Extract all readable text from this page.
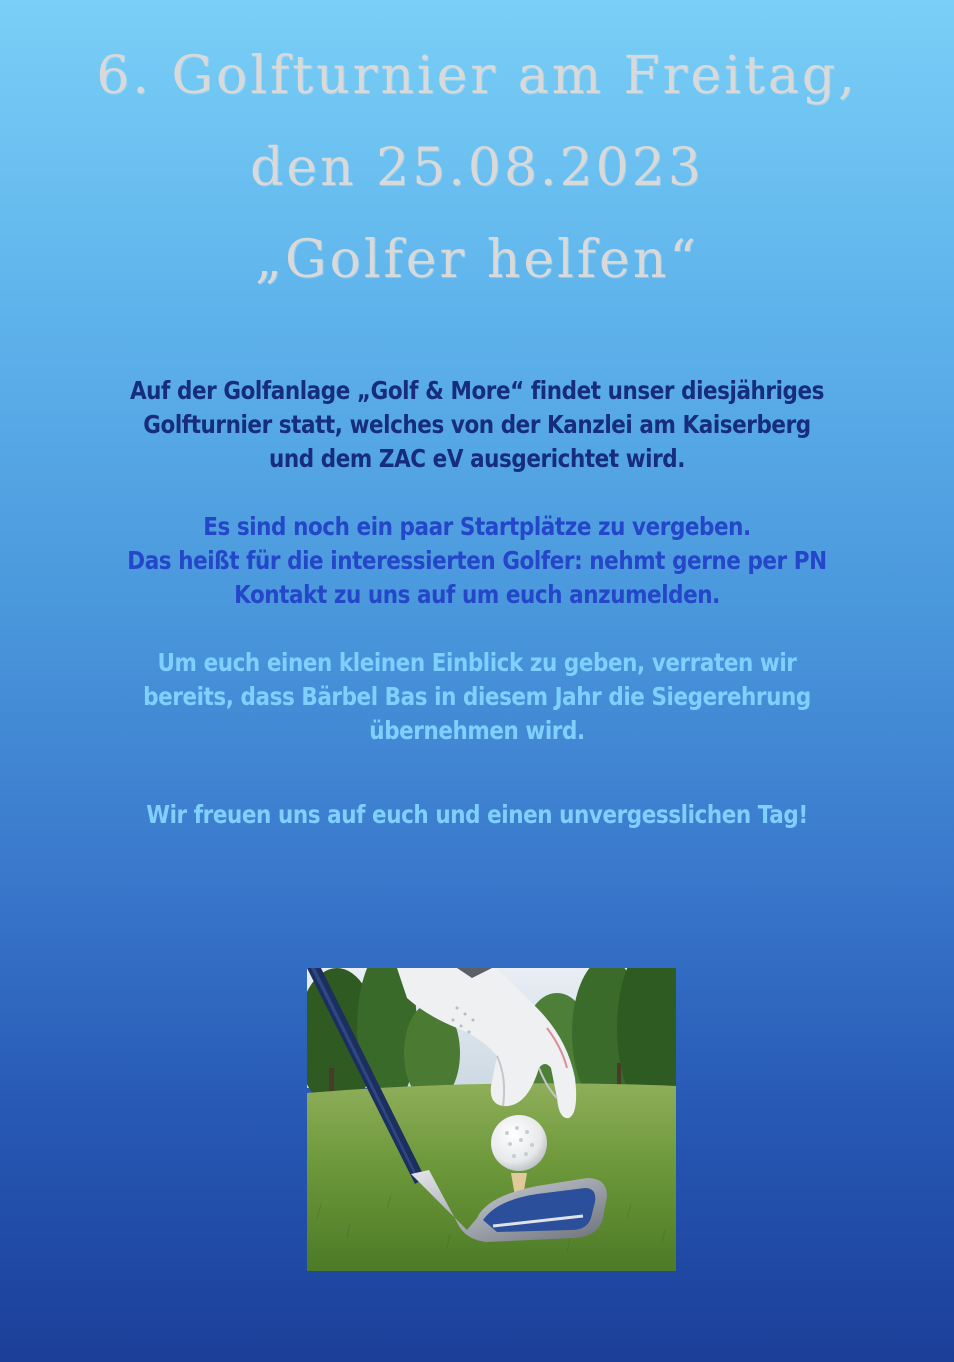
6. Golfturnier am Freitag,
den 25.08.2023
„Golfer helfen“
Auf der Golfanlage „Golf & More“ findet unser diesjähriges
Golfturnier statt, welches von der Kanzlei am Kaiserberg
und dem ZAC eV ausgerichtet wird.
Es sind noch ein paar Startplätze zu vergeben.
Das heißt für die interessierten Golfer: nehmt gerne per PN
Kontakt zu uns auf um euch anzumelden.
Um euch einen kleinen Einblick zu geben, verraten wir
bereits, dass Bärbel Bas in diesem Jahr die Siegerehrung
übernehmen wird.
Wir freuen uns auf euch und einen unvergesslichen Tag!
